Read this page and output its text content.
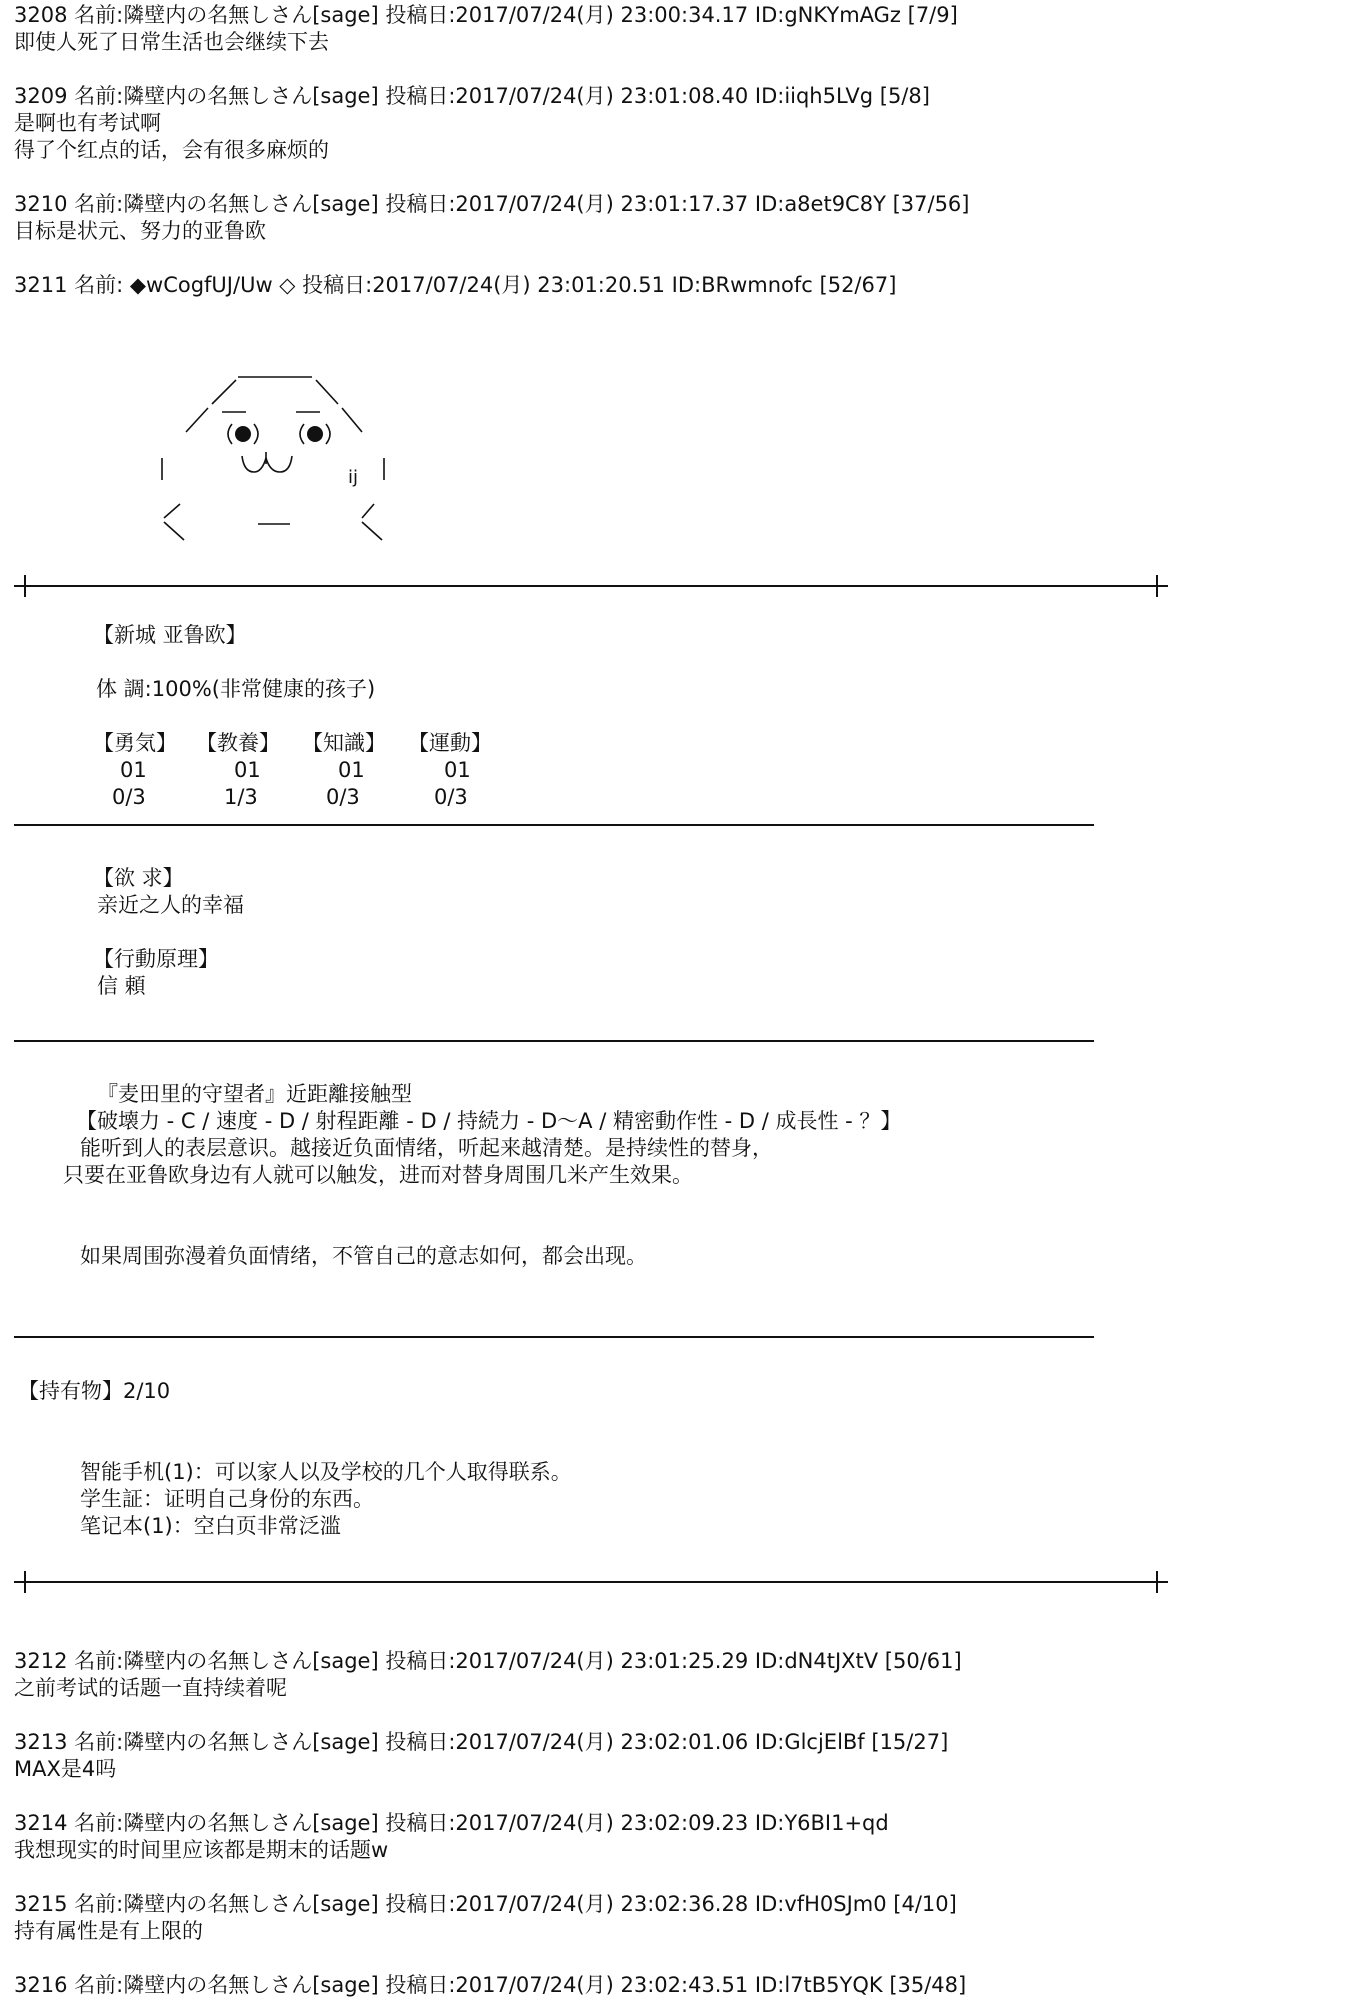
3208 名前:隣壁内の名無しさん[sage] 投稿日:2017/07/24(月) 23:00:34.17 ID:gNKYmAGz [7/9]
即使人死了日常生活也会继续下去
3209 名前:隣壁内の名無しさん[sage] 投稿日:2017/07/24(月) 23:01:08.40 ID:iiqh5LVg [5/8]
是啊也有考试啊
得了个红点的话，会有很多麻烦的
3210 名前:隣壁内の名無しさん[sage] 投稿日:2017/07/24(月) 23:01:17.37 ID:a8et9C8Y [37/56]
目标是状元、努力的亚鲁欧
3211 名前: ◆wCogfUJ/Uw ◇ 投稿日:2017/07/24(月) 23:01:20.51 ID:BRwmnofc [52/67]
ij
【新城 亚鲁欧】
体 調:100%(非常健康的孩子)
【勇気】
01
0/3
【教養】
01
1/3
【知識】
01
0/3
【運動】
01
0/3
【欲 求】
亲近之人的幸福
【行動原理】
信 頼
『麦田里的守望者』近距離接触型
【破壊力 - C / 速度 - D / 射程距離 - D / 持続力 - D～A / 精密動作性 - D / 成長性 - ？】
能听到人的表层意识。越接近负面情绪，听起来越清楚。是持续性的替身，
只要在亚鲁欧身边有人就可以触发，进而对替身周围几米产生效果。
如果周围弥漫着负面情绪，不管自己的意志如何，都会出现。
【持有物】2/10
智能手机(1)：可以家人以及学校的几个人取得联系。
学生証：证明自己身份的东西。
笔记本(1)：空白页非常泛滥
3212 名前:隣壁内の名無しさん[sage] 投稿日:2017/07/24(月) 23:01:25.29 ID:dN4tJXtV [50/61]
之前考试的话题一直持续着呢
3213 名前:隣壁内の名無しさん[sage] 投稿日:2017/07/24(月) 23:02:01.06 ID:GlcjElBf [15/27]
MAX是4吗
3214 名前:隣壁内の名無しさん[sage] 投稿日:2017/07/24(月) 23:02:09.23 ID:Y6BI1+qd
我想现实的时间里应该都是期末的话题w
3215 名前:隣壁内の名無しさん[sage] 投稿日:2017/07/24(月) 23:02:36.28 ID:vfH0SJm0 [4/10]
持有属性是有上限的
3216 名前:隣壁内の名無しさん[sage] 投稿日:2017/07/24(月) 23:02:43.51 ID:l7tB5YQK [35/48]
